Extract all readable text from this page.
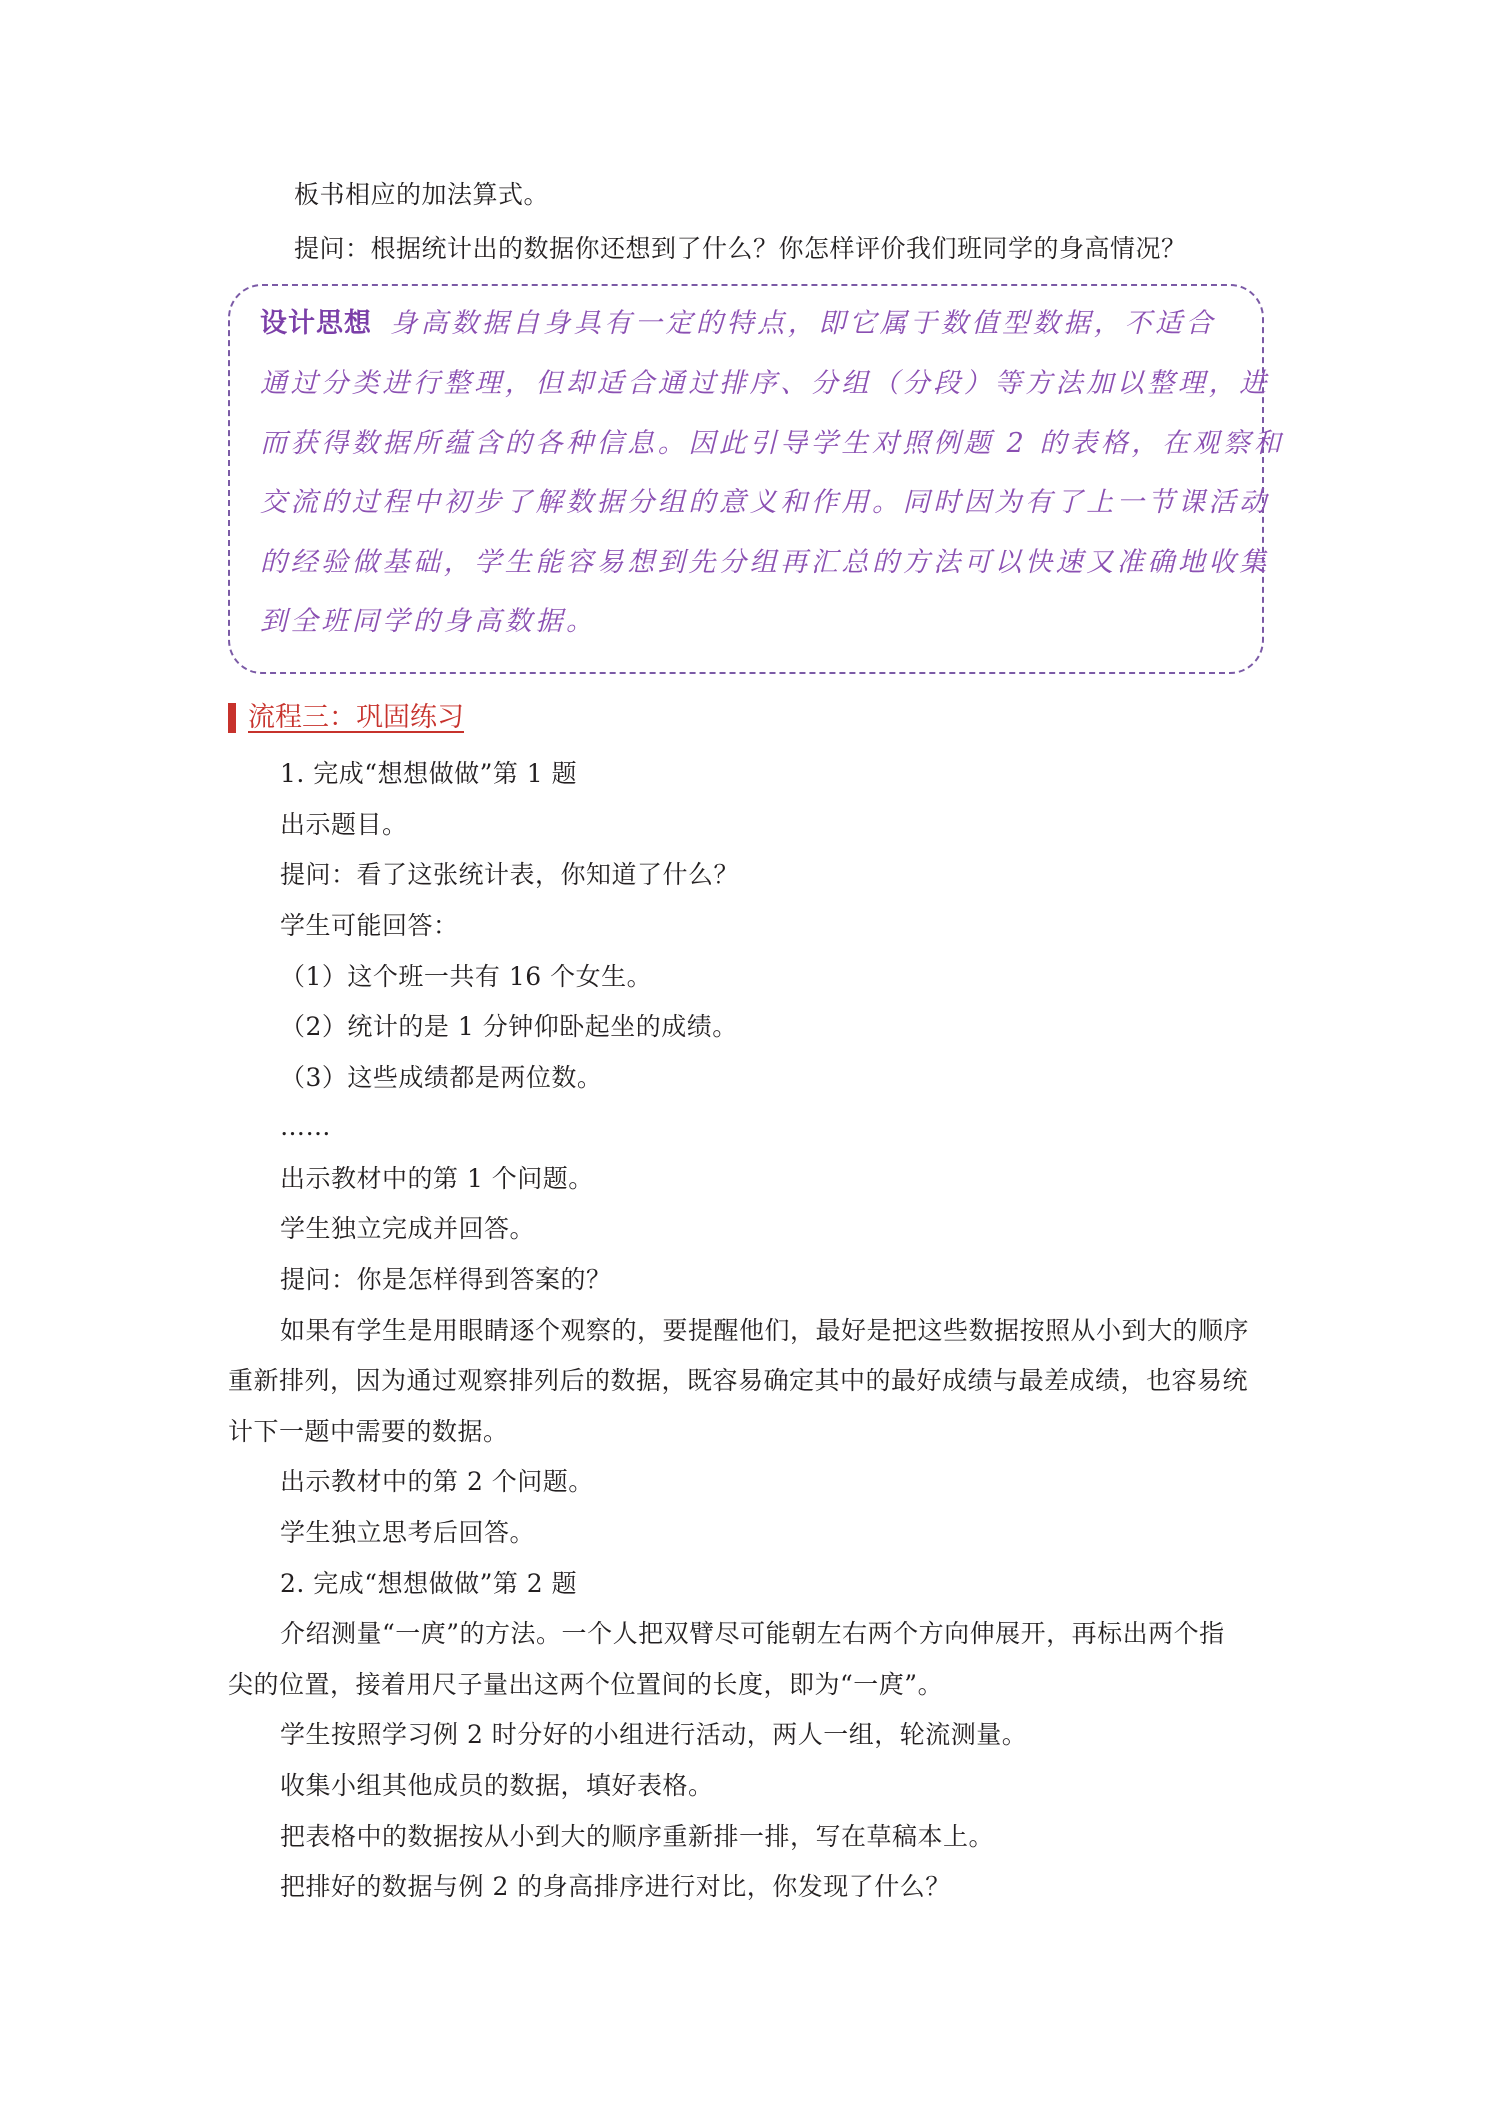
板书相应的加法算式。
提问：根据统计出的数据你还想到了什么？你怎样评价我们班同学的身高情况？
设计思想 身高数据自身具有一定的特点，即它属于数值型数据，不适合
通过分类进行整理，但却适合通过排序、分组（分段）等方法加以整理，进
而获得数据所蕴含的各种信息。因此引导学生对照例题 2 的表格，在观察和
交流的过程中初步了解数据分组的意义和作用。同时因为有了上一节课活动
的经验做基础，学生能容易想到先分组再汇总的方法可以快速又准确地收集
到全班同学的身高数据。
流程三：巩固练习
1. 完成“想想做做”第 1 题
出示题目。
提问：看了这张统计表，你知道了什么？
学生可能回答：
（1）这个班一共有 16 个女生。
（2）统计的是 1 分钟仰卧起坐的成绩。
（3）这些成绩都是两位数。
……
出示教材中的第 1 个问题。
学生独立完成并回答。
提问：你是怎样得到答案的？
如果有学生是用眼睛逐个观察的，要提醒他们，最好是把这些数据按照从小到大的顺序
重新排列，因为通过观察排列后的数据，既容易确定其中的最好成绩与最差成绩，也容易统
计下一题中需要的数据。
出示教材中的第 2 个问题。
学生独立思考后回答。
2. 完成“想想做做”第 2 题
介绍测量“一庹”的方法。一个人把双臂尽可能朝左右两个方向伸展开，再标出两个指
尖的位置，接着用尺子量出这两个位置间的长度，即为“一庹”。
学生按照学习例 2 时分好的小组进行活动，两人一组，轮流测量。
收集小组其他成员的数据，填好表格。
把表格中的数据按从小到大的顺序重新排一排，写在草稿本上。
把排好的数据与例 2 的身高排序进行对比，你发现了什么？
